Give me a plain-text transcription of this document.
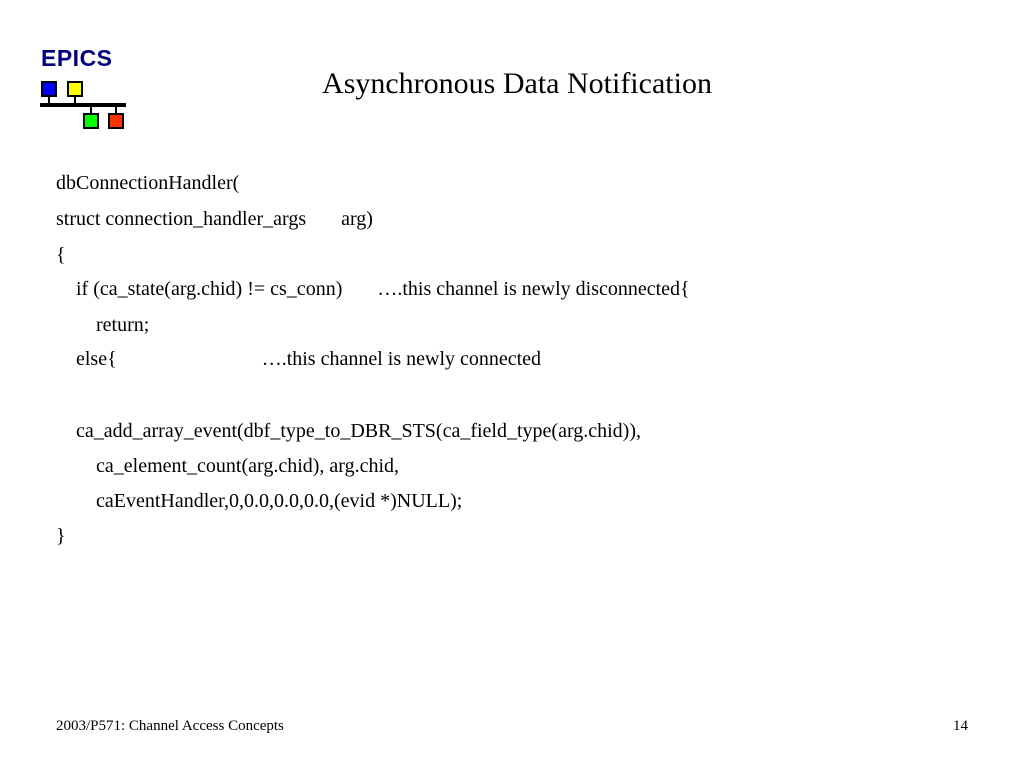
EPICS
Asynchronous Data Notification
dbConnectionHandler(
struct connection_handler_args       arg)
{
if (ca_state(arg.chid) != cs_conn)       ….this channel is newly disconnected{
return;
else{                             ….this channel is newly connected
ca_add_array_event(dbf_type_to_DBR_STS(ca_field_type(arg.chid)),
ca_element_count(arg.chid), arg.chid,
caEventHandler,0,0.0,0.0,0.0,(evid *)NULL);
}
2003/P571: Channel Access Concepts	14
